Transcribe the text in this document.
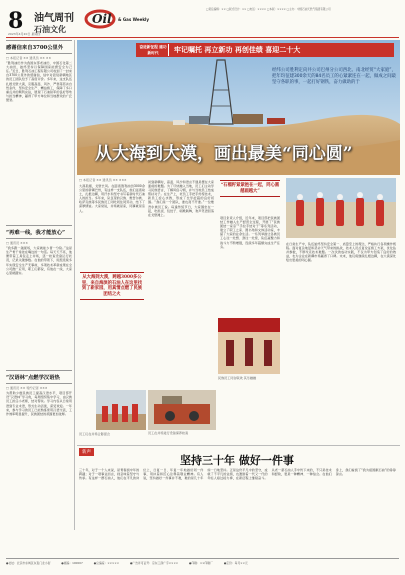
8 油气周刊
石油文化
2023年4月20日 星期四
Oil & Gas Weekly
□责任编辑：×× □版式设计：×× □电话：×××× □本版：×××× □主办：中国石油天然气集团有限公司
感谢信来自3700公里外
□ 本报记者 ×× 通讯员 ×× ××
“胜利油田作为我国东部老油田、中国石化第二大油田，始终坚持以保障国家能源安全为己任。”近日，胜利石油工程有限公司收到了一封来自3700公里外的感谢信，信中对派驻新疆地区的员工团队给予了高度评价。多年来，这支队伍扎根戈壁大漠，克服高温、风沙、严寒等恶劣自然条件，坚持安全生产、精益施工，保障了多口重点井的顺利完钻，展现了石油铁军的良好形象与担当精神，赢得了甲方单位和当地群众的广泛赞誉。
“再难一线，我才能放心”
□ 通讯员 ×××
“我多跑一趟现场，大家就能少冒一分险。”这是生产骨干常挂在嘴边的一句话。每天天不亮，他便带着工具包走上井场，逐一检查设备运行状况，记录关键参数。在他的带领下，班组连续多年实现安全生产无事故，多项技术革新成果在全公司推广应用，职工们都说，有他在一线，大家心里就踏实。
“汉语林”点燃学汉语热
□ 通讯员 ×× 特约记者 ×××
为帮助少数民族员工提高汉语水平，项目部开设“汉语林”学习角，每周组织集中学习，由汉族员工担任小老师，结对帮扶。学习内容从日常用语到专业术语，形式生动活泼，深受欢迎。一年来，参与学习的员工已能熟练使用汉语交流，工作效率明显提升，民族团结的氛围更加浓厚。
奋进新征程 建功新时代	牢记嘱托 再立新功 再创佳绩 喜迎二十大
经纬公司胜利定向井公司巴州分公司西北、南北经贸“大家庭”，把年均征建300余天的84名员工的心紧紧连在一起，做成之间最坚守各职的事，一起打好钢铁，奋力做助的于
从大海到大漠，画出最美“同心圆”
□ 本报记者 ×× 通讯员 ×× ×××
大漠孤烟，戈壁长风。在距离胜利油田3000余公里的新疆巴州，有这样一支队伍，他们远离故土，扎根边疆，用汗水和坚守书写着新时代石油人的担当。多年来，队伍里的汉族、维吾尔族、哈萨克族等多民族员工同吃同住同劳动，结下了深厚情谊。大家常说，井场就是家，同事就是亲人。
从大海到大漠，跨越3000多公里，来自海滨的石油人在这里找到了新家园，用真情点燃了民族团结之火
初到新疆时，高温、风沙和语言不通是摆在大家面前的难题。为了尽快融入当地，员工们主动学习民族语言，了解风俗习惯，并与当地员工结成帮扶对子。在生产上，老员工手把手传授技术，新员工虚心求教，形成了比学赶超的良好氛围。“我们是一个团队，谁也离不开谁。”一位维吾尔族员工说。每逢传统节日，大家围坐在一起，吃抓饭、包饺子、唱歌跳舞，欢声笑语回荡在戈壁滩上。
“石榴籽紧紧抱在一起，同心圆越画越大”
项目负责人介绍，近年来，项目部把民族团结工作融入生产经营全过程，开展了“民族团结一家亲”“手拉手结对子”等系列活动，建立了职工之家、图书角和文体活动室，丰富了大家的业余生活。一系列举措让各族员工心往一处想、劲往一处使，队伍凝聚力和战斗力不断增强，连续多年超额完成生产任务。
在日常生产中，队伍始终坚持安全第一、质量至上的理念，严格执行各项操作规程。面对复杂地层和恶劣天气带来的挑战，技术人员反复论证施工方案，优化钻井参数，不断攻克技术难题。一次次的成功实践，不仅为甲方创造了良好的效益，也为企业在新疆市场赢得了口碑。未来，他们将继续扎根边疆，在大漠深处绘出更美的同心圆。
员工在井场进行设备保养检查
民族员工同台联欢 其乐融融
员工们在井场合影留念
新声
坚持三十年 做好一件事
三十年，对于一个人来说，是青春到中年的跨越；对于一项事业而言，则意味着坚守与传承。有这样一群石油人，他们在平凡的岗位上，日复一日、年复一年地做好同一件事，用执着和匠心诠释着敬业精神。有人说，坚持做好一件事并不难，难的是几十年如一日地坚持。正是这份平凡中的坚守，成就了不平凡的业绩，也激励着一代又一代的年轻人接过接力棒，在新征程上继续奋斗。从老一辈石油人手中传下来的，不只是技术和经验，更是一种精神、一种信念。在他们身上，我们看到了“我为祖国献石油”的铮铮誓言。
●社址：北京市东城区东直门北小街	●邮编：100007	●总编室：×××××	●广告许可证号：京东工商广字××××	●印刷：××印刷厂	●定价：每月××元
